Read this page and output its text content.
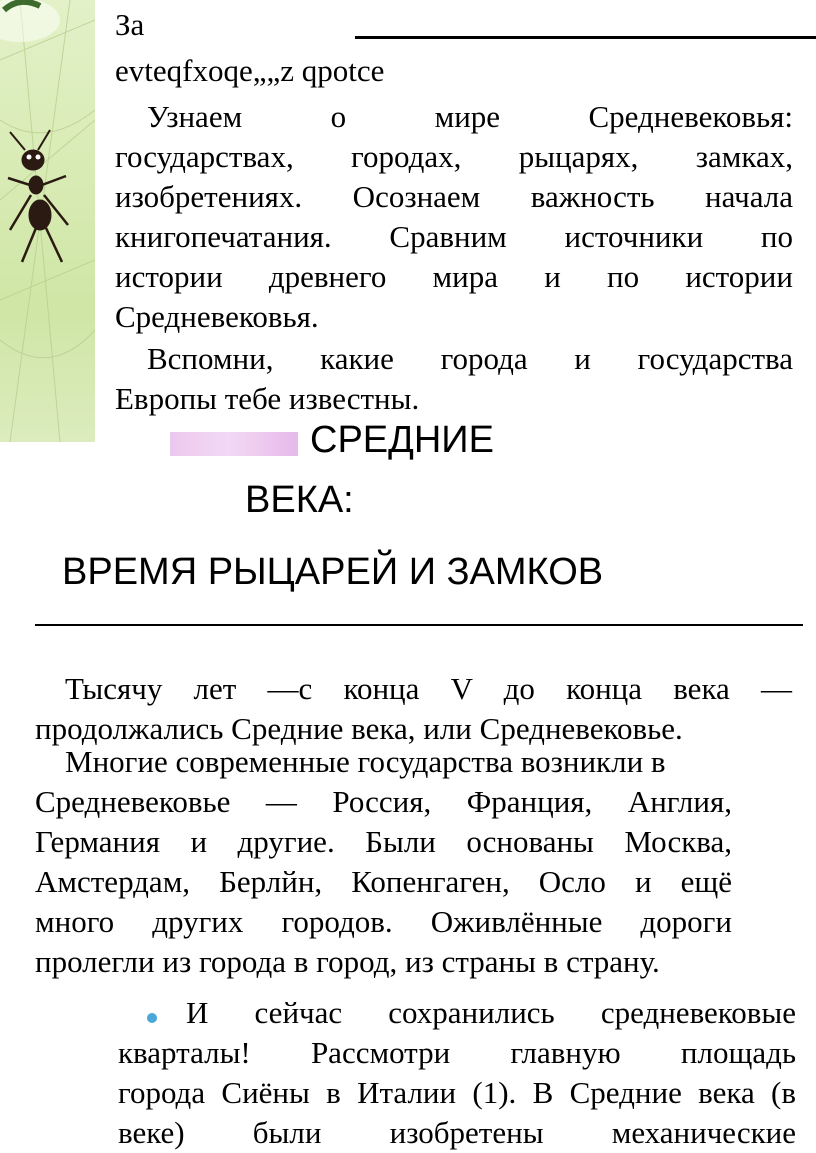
За
evteqfxoqe„„z qpotce
Узнаем о мире Средневековья:
государствах, городах, рыцарях, замках,
изобретениях. Осознаем важность начала
книгопечатания. Сравним источники по
истории древнего мира и по истории
Средневековья.
Вспомни, какие города и государства
Европы тебе известны.
СРЕДНИЕ
ВЕКА:
ВРЕМЯ РЫЦАРЕЙ И ЗАМКОВ
Тысячу лет —с конца V до конца века —
продолжались Средние века, или Средневековье.
Многие современные государства возникли в
Средневековье — Россия, Франция, Англия,
Германия и другие. Были основаны Москва,
Амстердам, Берлйн, Копенгаген, Осло и ещё
много других городов. Оживлённые дороги
пролегли из города в город, из страны в страну.
И сейчас сохранились средневековые
кварталы! Рассмотри главную площадь
города Сиёны в Италии (1). В Средние века (в
веке) были изобретены механические
